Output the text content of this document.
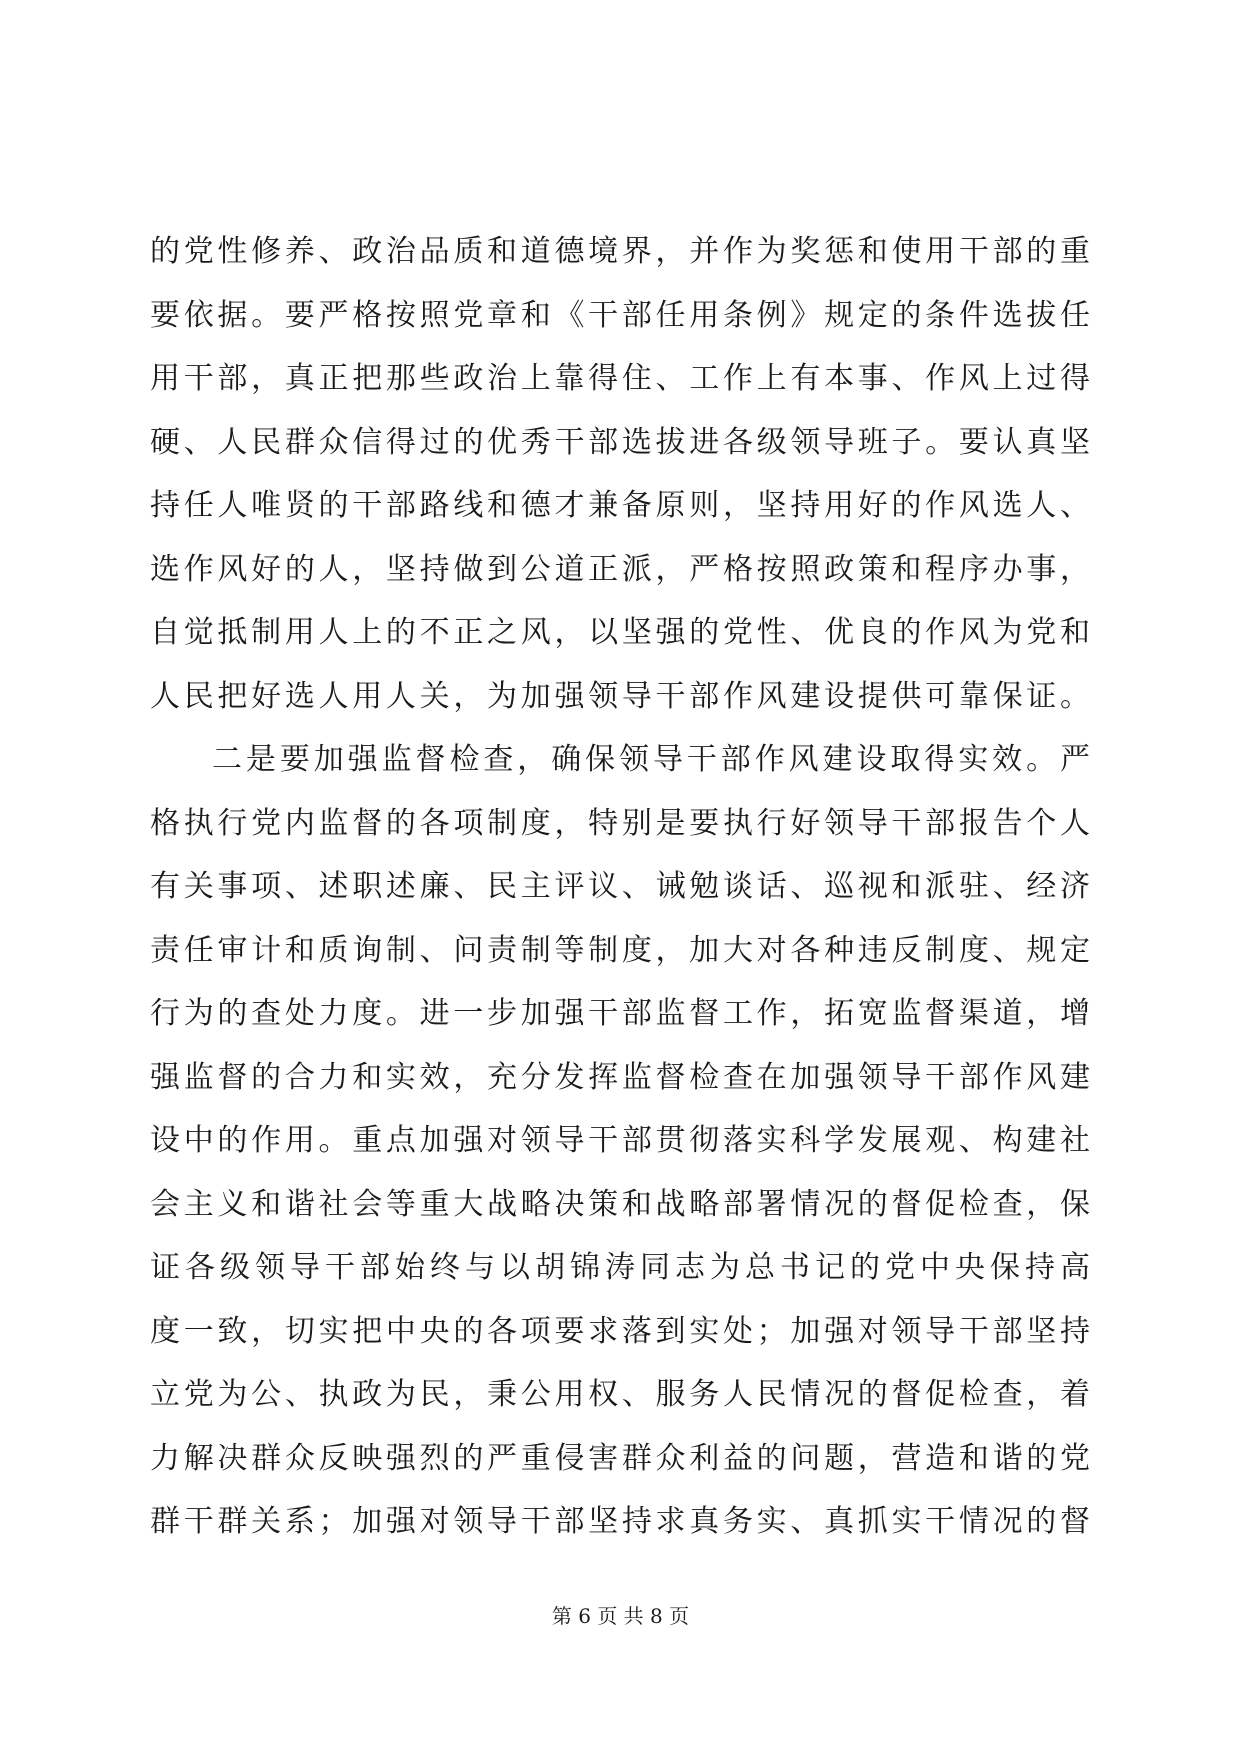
的党性修养、政治品质和道德境界，并作为奖惩和使用干部的重
要依据。要严格按照党章和《干部任用条例》规定的条件选拔任
用干部，真正把那些政治上靠得住、工作上有本事、作风上过得
硬、人民群众信得过的优秀干部选拔进各级领导班子。要认真坚
持任人唯贤的干部路线和德才兼备原则，坚持用好的作风选人、
选作风好的人，坚持做到公道正派，严格按照政策和程序办事，
自觉抵制用人上的不正之风，以坚强的党性、优良的作风为党和
人民把好选人用人关，为加强领导干部作风建设提供可靠保证。
二是要加强监督检查，确保领导干部作风建设取得实效。严
格执行党内监督的各项制度，特别是要执行好领导干部报告个人
有关事项、述职述廉、民主评议、诫勉谈话、巡视和派驻、经济
责任审计和质询制、问责制等制度，加大对各种违反制度、规定
行为的查处力度。进一步加强干部监督工作，拓宽监督渠道，增
强监督的合力和实效，充分发挥监督检查在加强领导干部作风建
设中的作用。重点加强对领导干部贯彻落实科学发展观、构建社
会主义和谐社会等重大战略决策和战略部署情况的督促检查，保
证各级领导干部始终与以胡锦涛同志为总书记的党中央保持高
度一致，切实把中央的各项要求落到实处；加强对领导干部坚持
立党为公、执政为民，秉公用权、服务人民情况的督促检查，着
力解决群众反映强烈的严重侵害群众利益的问题，营造和谐的党
群干群关系；加强对领导干部坚持求真务实、真抓实干情况的督
第 6 页 共 8 页
